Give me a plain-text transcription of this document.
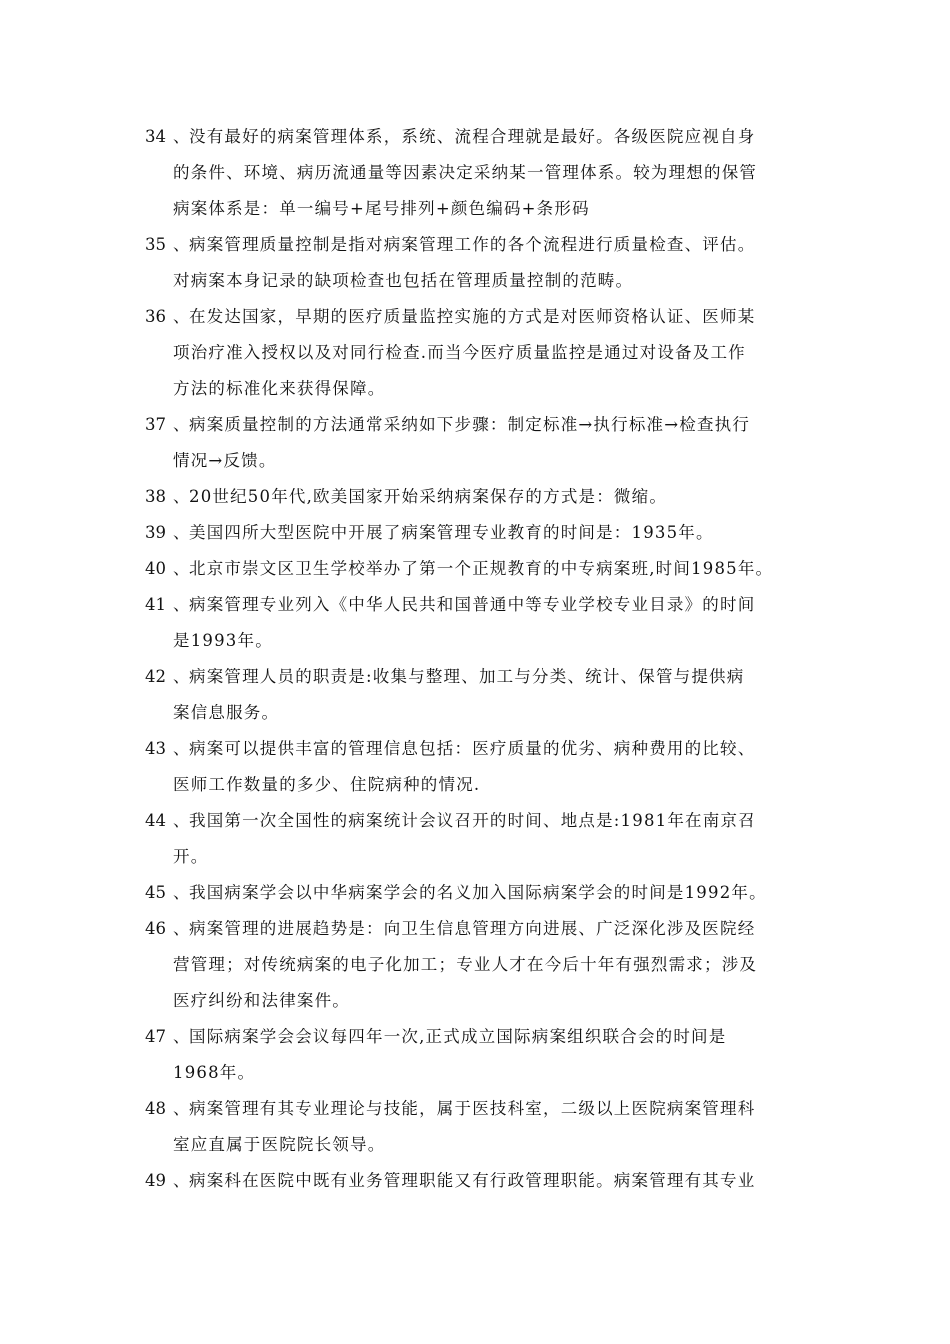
34 、
没有最好的病案管理体系，系统、流程合理就是最好。各级医院应视自身
的条件、环境、病历流通量等因素决定采纳某一管理体系。较为理想的保管
病案体系是：单一编号+尾号排列+颜色编码+条形码
35 、
病案管理质量控制是指对病案管理工作的各个流程进行质量检查、评估。
对病案本身记录的缺项检查也包括在管理质量控制的范畴。
36 、
在发达国家，早期的医疗质量监控实施的方式是对医师资格认证、医师某
项治疗准入授权以及对同行检查.而当今医疗质量监控是通过对设备及工作
方法的标准化来获得保障。
37 、
病案质量控制的方法通常采纳如下步骤：制定标准→执行标准→检查执行
情况→反馈。
38 、
20世纪50年代,欧美国家开始采纳病案保存的方式是：微缩。
39 、
美国四所大型医院中开展了病案管理专业教育的时间是：1935年。
40 、
北京市崇文区卫生学校举办了第一个正规教育的中专病案班,时间1985年。
41 、
病案管理专业列入《中华人民共和国普通中等专业学校专业目录》的时间
是1993年。
42 、
病案管理人员的职责是:收集与整理、加工与分类、统计、保管与提供病
案信息服务。
43 、
病案可以提供丰富的管理信息包括：医疗质量的优劣、病种费用的比较、
医师工作数量的多少、住院病种的情况.
44 、
我国第一次全国性的病案统计会议召开的时间、地点是:1981年在南京召
开。
45 、
我国病案学会以中华病案学会的名义加入国际病案学会的时间是1992年。
46 、
病案管理的进展趋势是：向卫生信息管理方向进展、广泛深化涉及医院经
营管理；对传统病案的电子化加工；专业人才在今后十年有强烈需求；涉及
医疗纠纷和法律案件。
47 、
国际病案学会会议每四年一次,正式成立国际病案组织联合会的时间是
1968年。
48 、
病案管理有其专业理论与技能，属于医技科室，二级以上医院病案管理科
室应直属于医院院长领导。
49 、
病案科在医院中既有业务管理职能又有行政管理职能。病案管理有其专业
